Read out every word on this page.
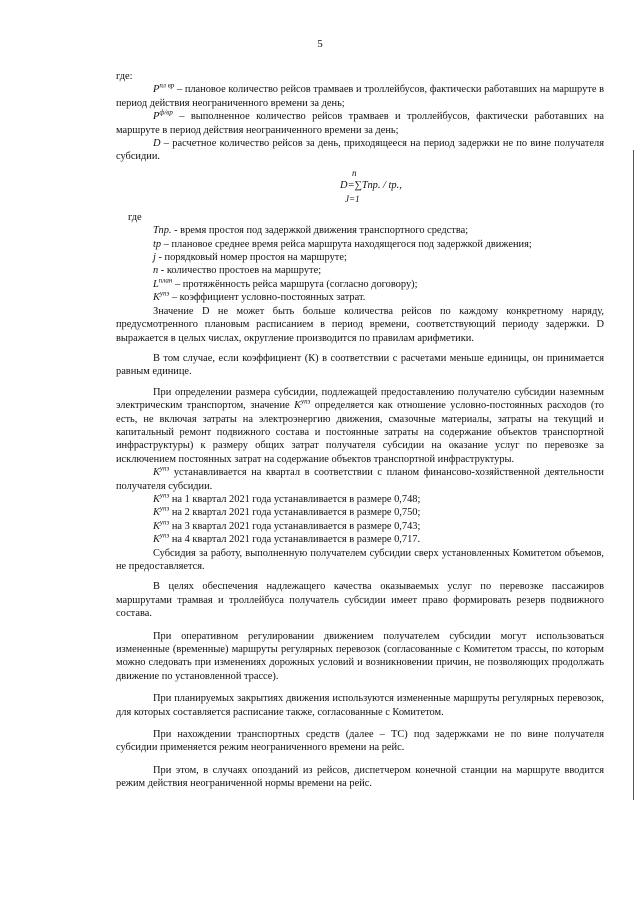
5

где:

$P^{пл вр}$ – плановое количество рейсов трамваев и троллейбусов, фактически работавших на маршруте в период действия неограниченного времени за день;

$Р^{ф/вр}$ – выполненное количество рейсов трамваев и троллейбусов, фактически работавших на маршруте в период действия неограниченного времени за день;

D – расчетное количество рейсов за день, приходящееся на период задержки не по вине получателя субсидии.

n
D=∑Тпр. / tp.,
J=1

где

Тпр. - время простоя под задержкой движения транспортного средства;

tp – плановое среднее время рейса маршрута находящегося под задержкой движения;

j - порядковый номер простоя на маршруте;

n - количество простоев на маршруте;

$L^{план}$ – протяжённость рейса маршрута (согласно договору);

$К^{упз}$ – коэффициент условно-постоянных затрат.

Значение D не может быть больше количества рейсов по каждому конкретному наряду, предусмотренного плановым расписанием в период времени, соответствующий периоду задержки. D выражается в целых числах, округление производится по правилам арифметики.

В том случае, если коэффициент (К) в соответствии с расчетами меньше единицы, он принимается равным единице.

При определении размера субсидии, подлежащей предоставлению получателю субсидии наземным электрическим транспортом, значение $К^{упз}$ определяется как отношение условно-постоянных расходов (то есть, не включая затраты на электроэнергию движения, смазочные материалы, затраты на текущий и капитальный ремонт подвижного состава и постоянные затраты на содержание объектов транспортной инфраструктуры) к размеру общих затрат получателя субсидии на оказание услуг по перевозке за исключением постоянных затрат на содержание объектов транспортной инфраструктуры.

$К^{упз}$ устанавливается на квартал в соответствии с планом финансово-хозяйственной деятельности получателя субсидии.

$К^{упз}$ на 1 квартал 2021 года устанавливается в размере 0,748;

$К^{упз}$ на 2 квартал 2021 года устанавливается в размере 0,750;

$К^{упз}$ на 3 квартал 2021 года устанавливается в размере 0,743;

$К^{упз}$ на 4 квартал 2021 года устанавливается в размере 0,717.

Субсидия за работу, выполненную получателем субсидии сверх установленных Комитетом объемов, не предоставляется.

В целях обеспечения надлежащего качества оказываемых услуг по перевозке пассажиров маршрутами трамвая и троллейбуса получатель субсидии имеет право формировать резерв подвижного состава.

При оперативном регулировании движением получателем субсидии могут использоваться измененные (временные) маршруты регулярных перевозок (согласованные с Комитетом трассы, по которым можно следовать при изменениях дорожных условий и возникновении причин, не позволяющих продолжать движение по установленной трассе).

При планируемых закрытиях движения используются измененные маршруты регулярных перевозок, для которых составляется расписание также, согласованные с Комитетом.

При нахождении транспортных средств (далее – ТС) под задержками не по вине получателя субсидии применяется режим неограниченного времени на рейс.

При этом, в случаях опозданий из рейсов, диспетчером конечной станции на маршруте вводится режим действия неограниченной нормы времени на рейс.
